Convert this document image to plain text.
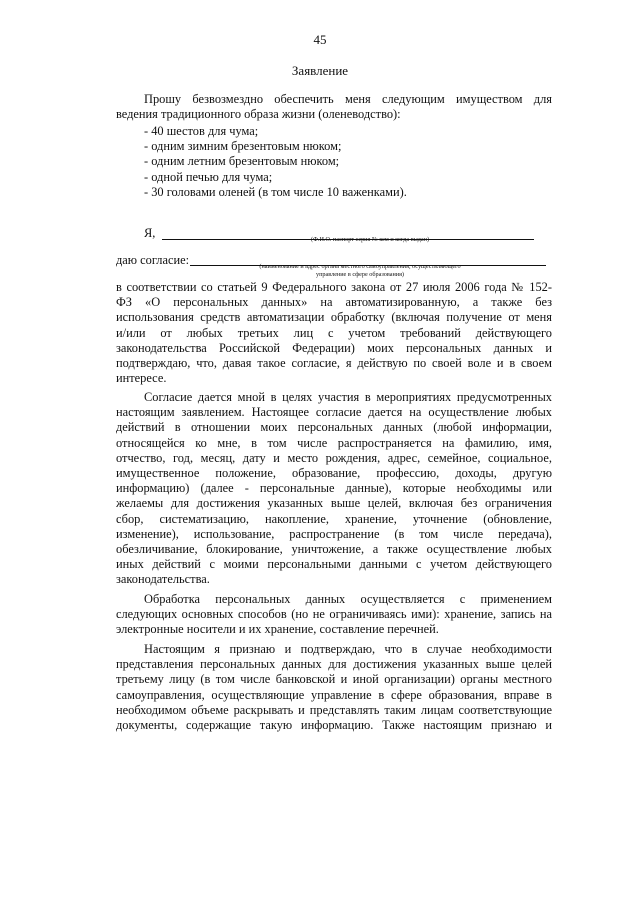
45
Заявление
Прошу безвозмездно обеспечить меня следующим имуществом для
ведения традиционного образа жизни (оленеводство):
- 40 шестов для чума;
- одним зимним брезентовым нюком;
- одним летним брезентовым нюком;
- одной печью для чума;
- 30 головами оленей (в том числе 10 важенками).
Я,	(Ф.И.О. паспорт серия № кем и когда выдан)
даю согласие:	(наименование и адрес органа местного самоуправления, осуществляющего
управление в сфере образования)
в соответствии со статьей 9 Федерального закона от 27 июля 2006 года № 152-
ФЗ «О персональных данных» на автоматизированную, а также без
использования средств автоматизации обработку (включая получение от меня
и/или от любых третьих лиц с учетом требований действующего
законодательства Российской Федерации) моих персональных данных и
подтверждаю, что, давая такое согласие, я действую по своей воле и в своем
интересе.
Согласие дается мной в целях участия в мероприятиях предусмотренных
настоящим заявлением. Настоящее согласие дается на осуществление любых
действий в отношении моих персональных данных (любой информации,
относящейся ко мне, в том числе распространяется на фамилию, имя,
отчество, год, месяц, дату и место рождения, адрес, семейное, социальное,
имущественное положение, образование, профессию, доходы, другую
информацию) (далее - персональные данные), которые необходимы или
желаемы для достижения указанных выше целей, включая без ограничения
сбор, систематизацию, накопление, хранение, уточнение (обновление,
изменение), использование, распространение (в том числе передача),
обезличивание, блокирование, уничтожение, а также осуществление любых
иных действий с моими персональными данными с учетом действующего
законодательства.
Обработка персональных данных осуществляется с применением
следующих основных способов (но не ограничиваясь ими): хранение, запись на
электронные носители и их хранение, составление перечней.
Настоящим я признаю и подтверждаю, что в случае необходимости
представления персональных данных для достижения указанных выше целей
третьему лицу (в том числе банковской и иной организации) органы местного
самоуправления, осуществляющие управление в сфере образования, вправе в
необходимом объеме раскрывать и представлять таким лицам соответствующие
документы, содержащие такую информацию. Также настоящим признаю и
